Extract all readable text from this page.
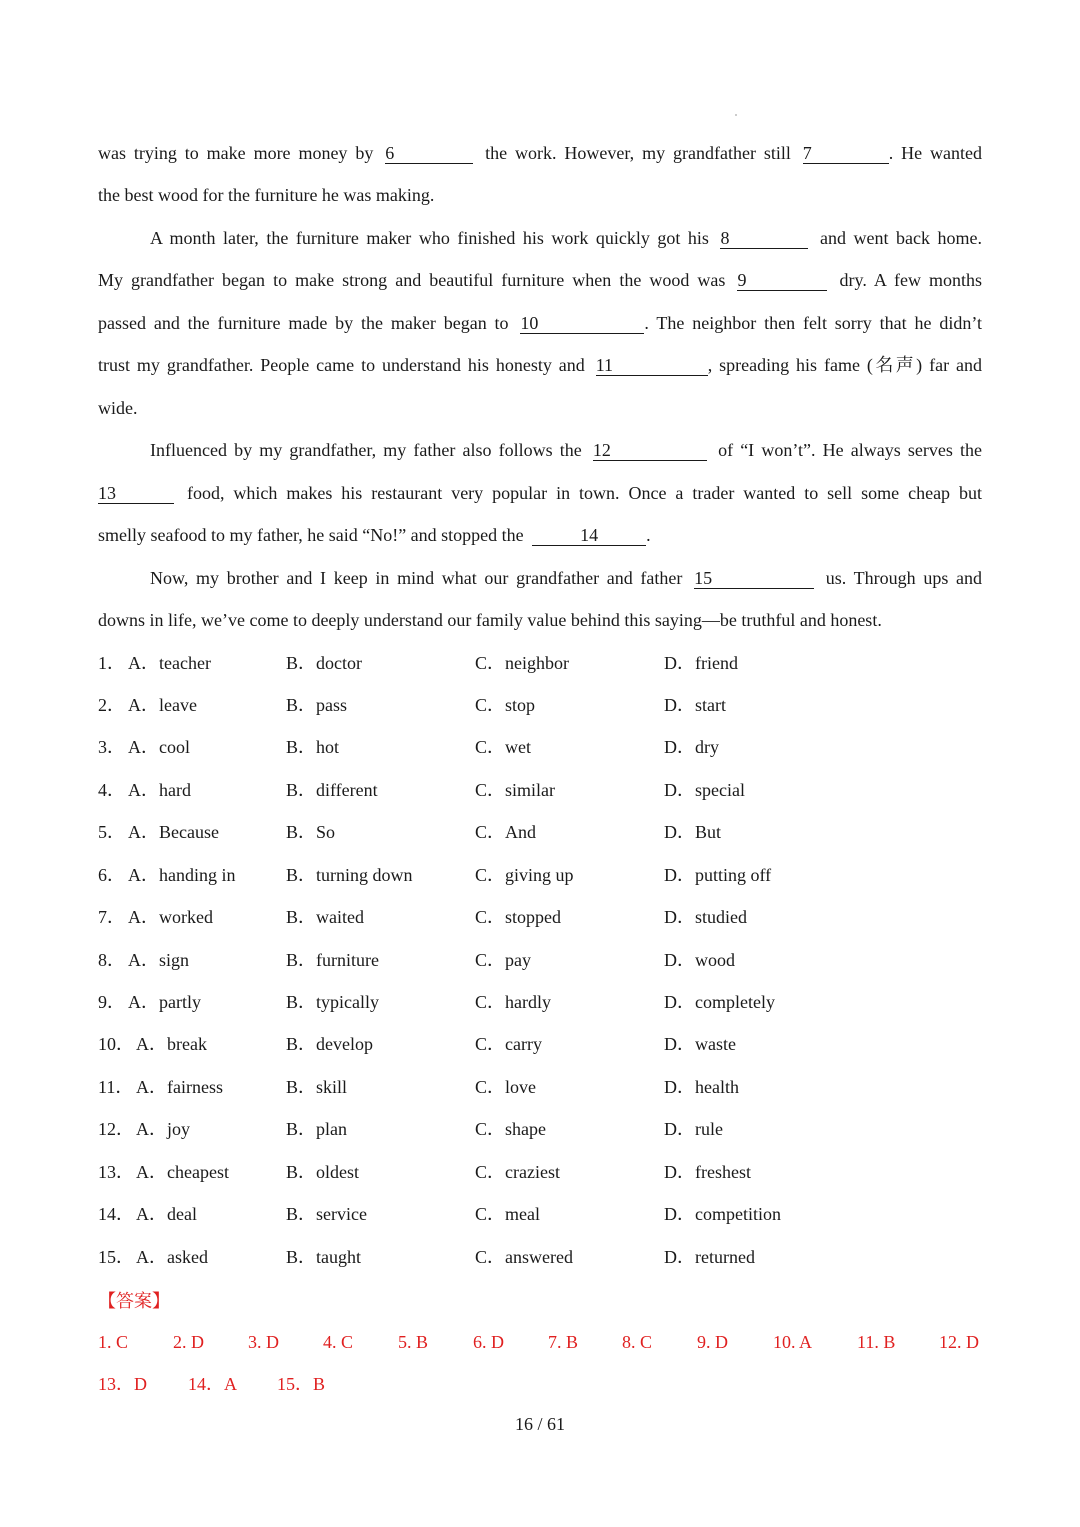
was trying to make more money by 6	the work. However, my grandfather still 7	. He wanted
the best wood for the furniture he was making.
A month later, the furniture maker who finished his work quickly got his 8	and went back home.
My grandfather began to make strong and beautiful furniture when the wood was 9	dry. A few months
passed and the furniture made by the maker began to 10	. The neighbor then felt sorry that he didn’t
trust my grandfather. People came to understand his honesty and 11	, spreading his fame (名声) far and
wide.
Influenced by my grandfather, my father also follows the 12	of “I won’t”. He always serves the
13	food, which makes his restaurant very popular in town. Once a trader wanted to sell some cheap but
smelly seafood to my father, he said “No!” and stopped the	14	.
Now, my brother and I keep in mind what our grandfather and father 15	us. Through ups and
downs in life, we’ve come to deeply understand our family value behind this saying—be truthful and honest.
1． A．teacher	B．doctor	C．neighbor	D．friend
2． A．leave	B．pass	C．stop	D．start
3． A．cool	B．hot	C．wet	D．dry
4． A．hard	B．different	C．similar	D．special
5． A．Because	B．So	C．And	D．But
6． A．handing in	B．turning down	C．giving up	D．putting off
7． A．worked	B．waited	C．stopped	D．studied
8． A．sign	B．furniture	C．pay	D．wood
9． A．partly	B．typically	C．hardly	D．completely
10． A．break	B．develop	C．carry	D．waste
11． A．fairness	B．skill	C．love	D．health
12． A．joy	B．plan	C．shape	D．rule
13． A．cheapest	B．oldest	C．craziest	D．freshest
14． A．deal	B．service	C．meal	D．competition
15． A．asked	B．taught	C．answered	D．returned
【答案】
1. C 2. D 3. D 4. C 5. B 6. D 7. B 8. C 9. D	10. A 11. B 12. D
13．D 14．A 15．B
16 / 61
